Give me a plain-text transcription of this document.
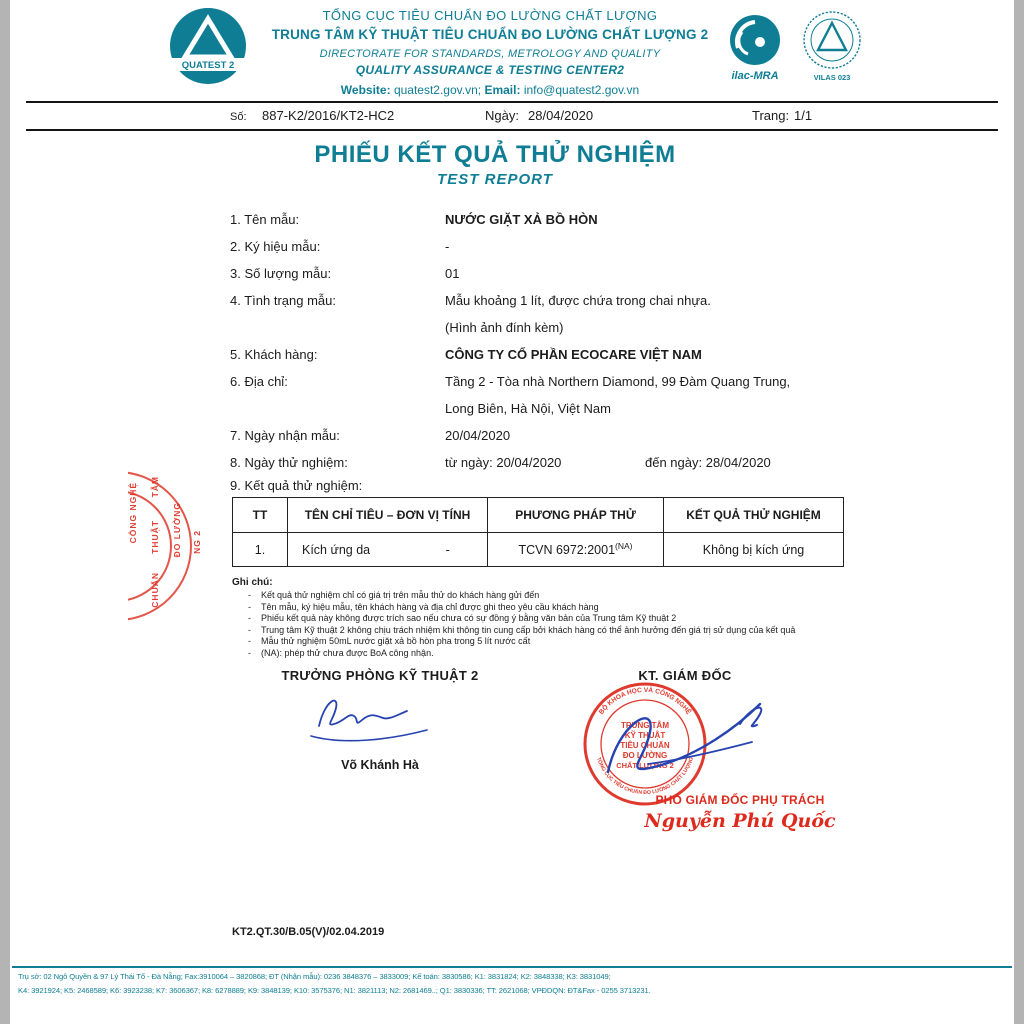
QUATEST 2
TỔNG CỤC TIÊU CHUẨN ĐO LƯỜNG CHẤT LƯỢNG
TRUNG TÂM KỸ THUẬT TIÊU CHUẨN ĐO LƯỜNG CHẤT LƯỢNG 2
DIRECTORATE FOR STANDARDS, METROLOGY AND QUALITY
QUALITY ASSURANCE & TESTING CENTER2
Website: quatest2.gov.vn; Email: info@quatest2.gov.vn
ilac-MRA	VILAS 023
Số: 887-K2/2016/KT2-HC2	Ngày: 28/04/2020	Trang: 1/1
PHIẾU KẾT QUẢ THỬ NGHIỆM
TEST REPORT
1. Tên mẫu:	NƯỚC GIẶT XẢ BỒ HÒN
2. Ký hiệu mẫu:	-
3. Số lượng mẫu:	01
4. Tình trạng mẫu:	Mẫu khoảng 1 lít, được chứa trong chai nhựa.
(Hình ảnh đính kèm)
5. Khách hàng:	CÔNG TY CỔ PHẦN ECOCARE VIỆT NAM
6. Địa chỉ:	Tầng 2 - Tòa nhà Northern Diamond, 99 Đàm Quang Trung,
Long Biên, Hà Nội, Việt Nam
7. Ngày nhận mẫu:	20/04/2020
8. Ngày thử nghiệm:	từ ngày: 20/04/2020	đến ngày: 28/04/2020
9. Kết quả thử nghiệm:
TT	TÊN CHỈ TIÊU – ĐƠN VỊ TÍNH	PHƯƠNG PHÁP THỬ	KẾT QUẢ THỬ NGHIỆM
1.	Kích ứng da -	TCVN $6972:2001^{(NA)}$	Không bị kích ứng
Ghi chú:
- Kết quả thử nghiệm chỉ có giá trị trên mẫu thử do khách hàng gửi đến
- Tên mẫu, ký hiệu mẫu, tên khách hàng và địa chỉ được ghi theo yêu cầu khách hàng
- Phiếu kết quả này không được trích sao nếu chưa có sự đồng ý bằng văn bản của Trung tâm Kỹ thuật 2
- Trung tâm Kỹ thuật 2 không chịu trách nhiệm khi thông tin cung cấp bởi khách hàng có thể ảnh hưởng đến giá trị sử dụng của kết quả
- Mẫu thử nghiệm 50mL nước giặt xả bồ hòn pha trong 5 lít nước cất
- (NA): phép thử chưa được BoA công nhận.
CÔNG NGHỆ TÂM
THUẬT
CHUẨN
ĐO LƯỜNG NG 2
TRƯỞNG PHÒNG KỸ THUẬT 2
Võ Khánh Hà
KT. GIÁM ĐỐC
BỘ KHOA HỌC VÀ CÔNG NGHỆ
TỔNG CỤC TIÊU CHUẨN ĐO LƯỜNG CHẤT LƯỢNG
TRUNG TÂM
KỸ THUẬT
TIÊU CHUẨN
ĐO LƯỜNG
CHẤT LƯỢNG 2
PHÓ GIÁM ĐỐC PHỤ TRÁCH
Nguyễn Phú Quốc
KT2.QT.30/B.05(V)/02.04.2019
Trụ sở: 02 Ngô Quyền & 97 Lý Thái Tổ - Đà Nẵng; Fax:3910064 – 3820868; ĐT (Nhận mẫu): 0236 3848376 – 3833009; Kế toán: 3830586; K1: 3831824; K2: 3848338; K3: 3831049;
K4: 3921924; K5: 2468589; K6: 3923238; K7: 3606367; K8: 6278889; K9: 3848139; K10: 3575376; N1: 3821113; N2: 2681469..; Q1: 3830336; TT: 2621068; VPĐDQN: ĐT&Fax - 0255 3713231.
